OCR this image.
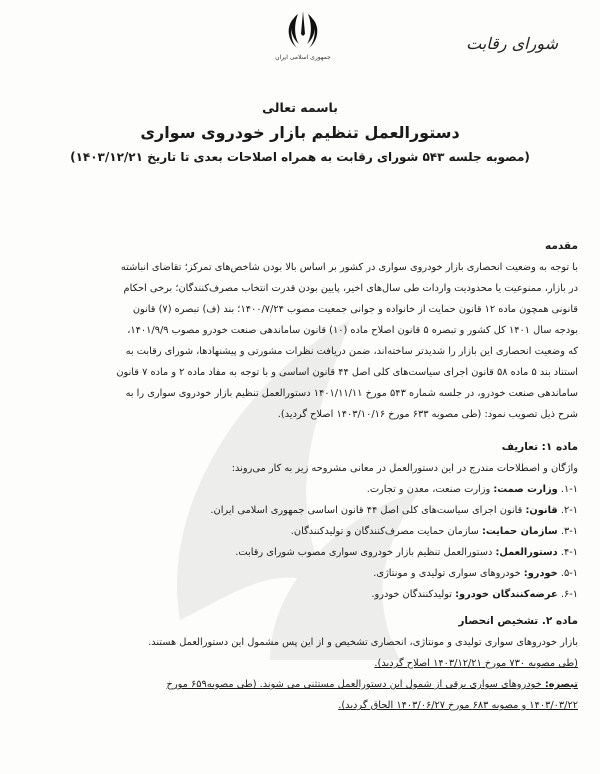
جمهوری اسلامی ایران
شورای رقابت

باسمه تعالی

دستورالعمل تنظیم بازار خودروی سواری

(مصوبه جلسه ۵۴۳ شورای رقابت به همراه اصلاحات بعدی تا تاریخ ۱۴۰۳/۱۲/۲۱)

مقدمه

با توجه به وضعیت انحصاری بازار خودروی سواری در کشور بر اساس بالا بودن شاخص‌های تمرکز؛ تقاضای انباشته

در بازار، ممنوعیت یا محدودیت واردات طی سال‌های اخیر، پایین بودن قدرت انتخاب مصرف‌کنندگان؛ برخی احکام

قانونی همچون ماده ۱۲ قانون حمایت از خانواده و جوانی جمعیت مصوب ۱۴۰۰/۷/۲۴؛ بند (ف) تبصره (۷) قانون

بودجه سال ۱۴۰۱ کل کشور و تبصره ۵ قانون اصلاح ماده (۱۰) قانون ساماندهی صنعت خودرو مصوب ۱۴۰۱/۹/۹،

که وضعیت انحصاری این بازار را شدیدتر ساخته‌اند، ضمن دریافت نظرات مشورتی و پیشنهادها، شورای رقابت به

استناد بند ۵ ماده ۵۸ قانون اجرای سیاست‌های کلی اصل ۴۴ قانون اساسی و با توجه به مفاد ماده ۲ و ماده ۷ قانون

ساماندهی صنعت خودرو، در جلسه شماره ۵۴۳ مورخ ۱۴۰۱/۱۱/۱۱ دستورالعمل تنظیم بازار خودروی سواری را به

شرح ذیل تصویب نمود: (طی مصوبه ۶۳۳ مورخ ۱۴۰۳/۱۰/۱۶ اصلاح گردید).

ماده ۱: تعاریف

واژگان و اصطلاحات مندرج در این دستورالعمل در معانی مشروحه زیر به کار می‌روند:

۱-۱. وزارت صمت: وزارت صنعت، معدن و تجارت.

۲-۱. قانون: قانون اجرای سیاست‌های کلی اصل ۴۴ قانون اساسی جمهوری اسلامی ایران.

۳-۱. سازمان حمایت: سازمان حمایت مصرف‌کنندگان و تولیدکنندگان.

۴-۱. دستورالعمل: دستورالعمل تنظیم بازار خودروی سواری مصوب شورای رقابت.

۵-۱. خودرو: خودروهای سواری تولیدی و مونتاژی.

۶-۱. عرضه‌کنندگان خودرو: تولیدکنندگان خودرو.

ماده ۲. تشخیص انحصار

بازار خودروهای سواری تولیدی و مونتاژی، انحصاری تشخیص و از این پس مشمول این دستورالعمل هستند.

(طی مصوبه ۷۳۰ مورخ ۱۴۰۳/۱۲/۲۱ اصلاح گردید).

تبصره: خودروهای سواری برقی از شمول این دستورالعمل مستثنی می شوند. (طی مصوبه۶۵۹ مورخ

۱۴۰۳/۰۳/۲۲ و مصوبه ۶۸۳ مورخ ۱۴۰۳/۰۶/۲۷ الحاق گردید).
